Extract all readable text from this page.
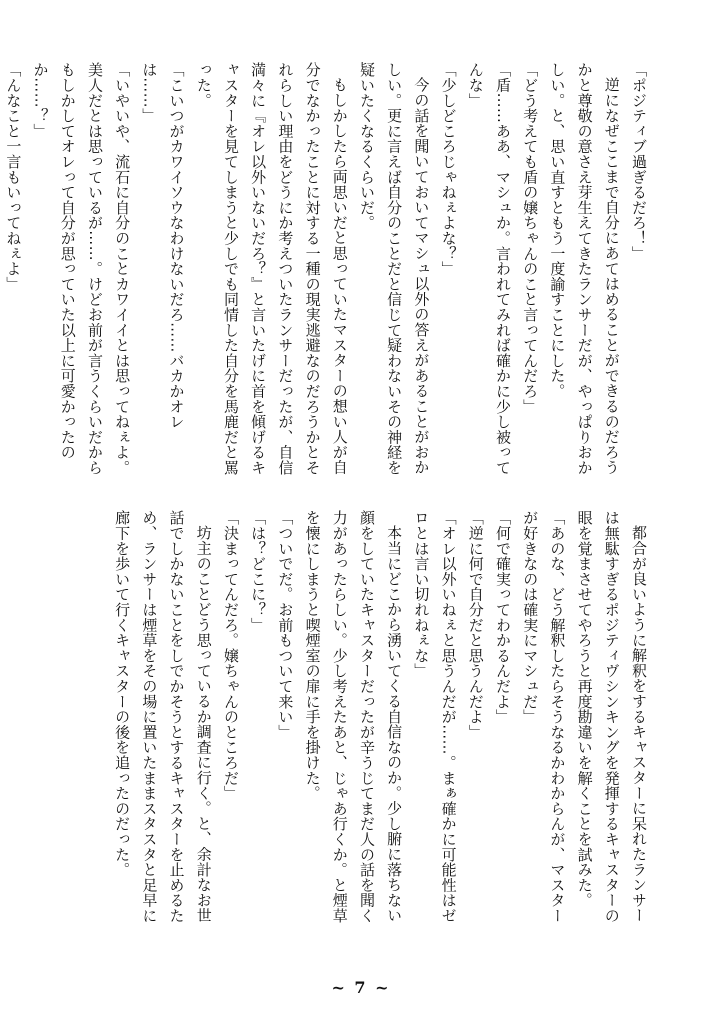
「ポジティブ過ぎるだろ！」

逆になぜここまで自分にあてはめることができるのだろうかと尊敬の意さえ芽生えてきたランサーだが、やっぱりおかしい。と、思い直すともう一度諭すことにした。

「どう考えても盾の嬢ちゃんのこと言ってんだろ」

「盾……ああ、マシュか。言われてみれば確かに少し被ってんな」

「少しどころじゃねぇよな？」

今の話を聞いておいてマシュ以外の答えがあることがおかしい。更に言えば自分のことだと信じて疑わないその神経を疑いたくなるくらいだ。

もしかしたら両思いだと思っていたマスターの想い人が自分でなかったことに対する一種の現実逃避なのだろうかとそれらしい理由をどうにか考えついたランサーだったが、自信満々に『オレ以外いないだろ？』と言いたげに首を傾げるキャスターを見てしまうと少しでも同情した自分を馬鹿だと罵った。

「こいつがカワイソウなわけないだろ……バカかオレは……」

「いやいや、流石に自分のことカワイイとは思ってねぇよ。美人だとは思っているが……。けどお前が言うくらいだからもしかしてオレって自分が思っていた以上に可愛かったのか……？」

「んなこと一言もいってねぇよ」

都合が良いように解釈をするキャスターに呆れたランサーは無駄すぎるポジティヴシンキングを発揮するキャスターの眼を覚まさせてやろうと再度勘違いを解くことを試みた。

「あのな、どう解釈したらそうなるかわからんが、マスターが好きなのは確実にマシュだ」

「何で確実ってわかるんだよ」

「逆に何で自分だと思うんだよ」

「オレ以外いねぇと思うんだが……。まぁ確かに可能性はゼロとは言い切れねぇな」

本当にどこから湧いてくる自信なのか。少し腑に落ちない顔をしていたキャスターだったが辛うじてまだ人の話を聞く力があったらしい。少し考えたあと、じゃあ行くか。と煙草を懐にしまうと喫煙室の扉に手を掛けた。

「ついでだ。お前もついて来い」

「は？どこに？」

「決まってんだろ。嬢ちゃんのところだ」

坊主のことどう思っているか調査に行く。と、余計なお世話でしかないことをしでかそうとするキャスターを止めるため、ランサーは煙草をその場に置いたままスタスタと足早に廊下を歩いて行くキャスターの後を追ったのだった。

~ 7 ~
